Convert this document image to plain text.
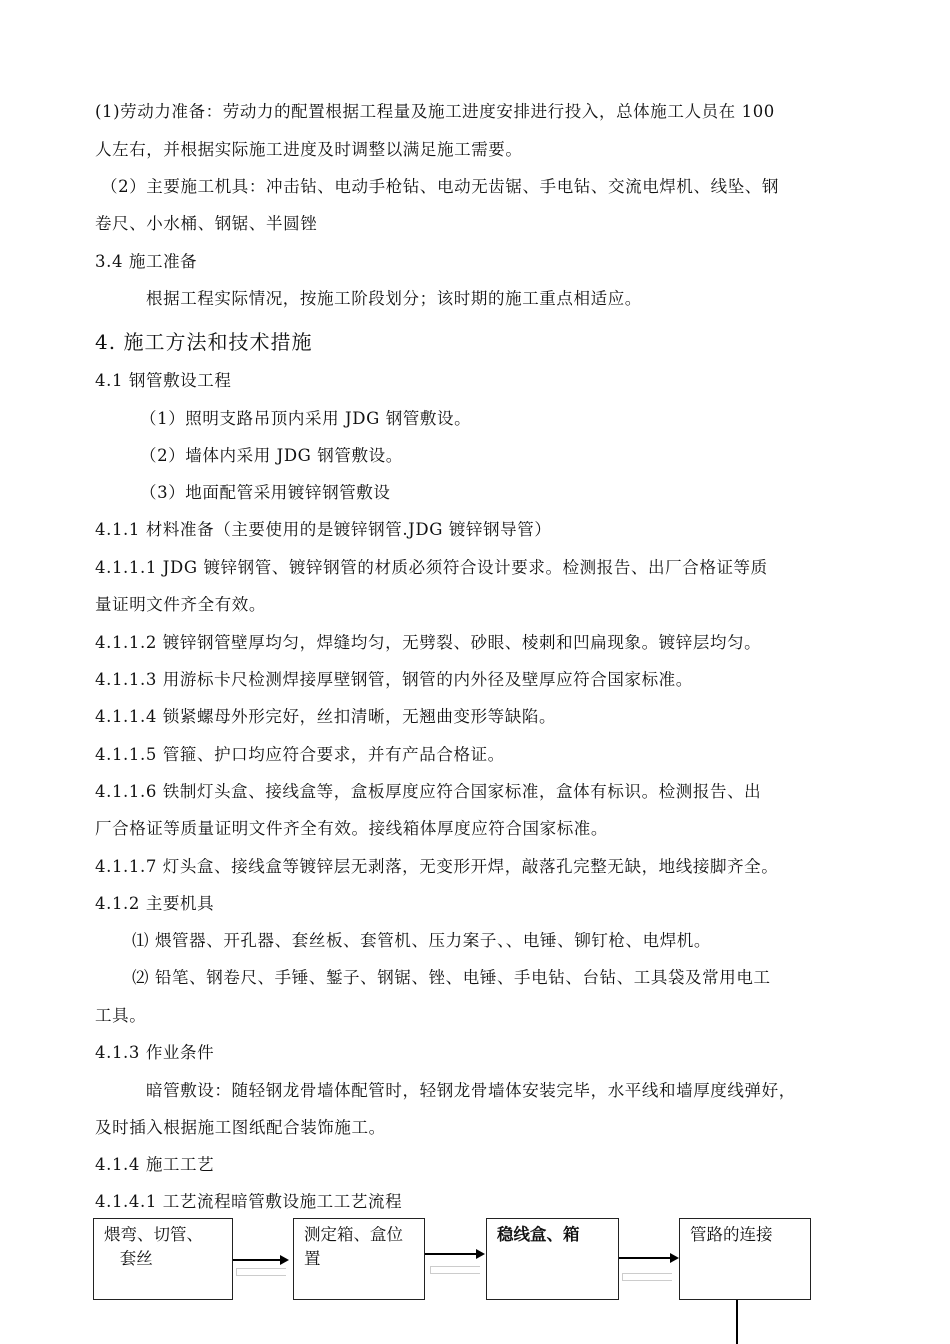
(1)劳动力准备：劳动力的配置根据工程量及施工进度安排进行投入，总体施工人员在 100
人左右，并根据实际施工进度及时调整以满足施工需要。
（2）主要施工机具：冲击钻、电动手枪钻、电动无齿锯、手电钻、交流电焊机、线坠、钢
卷尺、小水桶、钢锯、半圆锉
3.4 施工准备
根据工程实际情况，按施工阶段划分；该时期的施工重点相适应。
4. 施工方法和技术措施
4.1 钢管敷设工程
（1）照明支路吊顶内采用 JDG 钢管敷设。
（2）墙体内采用 JDG 钢管敷设。
（3）地面配管采用镀锌钢管敷设
4.1.1 材料准备（主要使用的是镀锌钢管.JDG 镀锌钢导管）
4.1.1.1 JDG 镀锌钢管、镀锌钢管的材质必须符合设计要求。检测报告、出厂合格证等质
量证明文件齐全有效。
4.1.1.2 镀锌钢管壁厚均匀，焊缝均匀，无劈裂、砂眼、棱刺和凹扁现象。镀锌层均匀。
4.1.1.3 用游标卡尺检测焊接厚壁钢管，钢管的内外径及壁厚应符合国家标准。
4.1.1.4 锁紧螺母外形完好，丝扣清晰，无翘曲变形等缺陷。
4.1.1.5 管箍、护口均应符合要求，并有产品合格证。
4.1.1.6 铁制灯头盒、接线盒等，盒板厚度应符合国家标准，盒体有标识。检测报告、出
厂合格证等质量证明文件齐全有效。接线箱体厚度应符合国家标准。
4.1.1.7 灯头盒、接线盒等镀锌层无剥落，无变形开焊，敲落孔完整无缺，地线接脚齐全。
4.1.2 主要机具
⑴ 煨管器、开孔器、套丝板、套管机、压力案子、、电锤、铆钉枪、电焊机。
⑵ 铅笔、钢卷尺、手锤、錾子、钢锯、锉、电锤、手电钻、台钻、工具袋及常用电工
工具。
4.1.3 作业条件
暗管敷设：随轻钢龙骨墙体配管时，轻钢龙骨墙体安装完毕，水平线和墙厚度线弹好，
及时插入根据施工图纸配合装饰施工。
4.1.4 施工工艺
4.1.4.1 工艺流程暗管敷设施工工艺流程
煨弯、切管、
套丝
测定箱、盒位
置
稳线盒、箱	管路的连接
